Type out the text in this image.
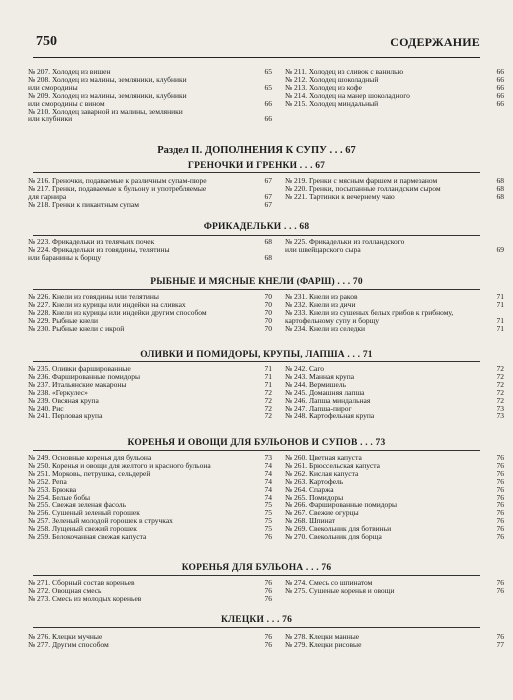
750	СОДЕРЖАНИЕ
№ 207. Холодец из вишен	65
№ 208. Холодец из малины, земляники, клубники
или смородины	65
№ 209. Холодец из малины, земляники, клубники
или смородины с вином	66
№ 210. Холодец заварной из малины, земляники
или клубники	66
№ 211. Холодец из сливок с ванилью	66
№ 212. Холодец шоколадный	66
№ 213. Холодец из кофе	66
№ 214. Холодец на манер шоколадного	66
№ 215. Холодец миндальный	66
Раздел II. ДОПОЛНЕНИЯ К СУПУ . . . 67
ГРЕНОЧКИ И ГРЕНКИ . . . 67
№ 216. Греночки, подаваемые к различным супам-пюре	67
№ 217. Гренки, подаваемые к бульону и употребляемые
для гарнира	67
№ 218. Гренки к пикантным супам	67
№ 219. Гренки с мясным фаршем и пармезаном	68
№ 220. Гренки, посыпанные голландским сыром	68
№ 221. Тартинки к вечернему чаю	68
ФРИКАДЕЛЬКИ . . . 68
№ 223. Фрикадельки из телячьих почек	68
№ 224. Фрикадельки из говядины, телятины
или баранины к борщу	68
№ 225. Фрикадельки из голландского
или швейцарского сыра	69
РЫБНЫЕ И МЯСНЫЕ КНЕЛИ (ФАРШ) . . . 70
№ 226. Кнели из говядины или телятины	70
№ 227. Кнели из курицы или индейки на сливках	70
№ 228. Кнели из курицы или индейки другим способом	70
№ 229. Рыбные кнели	70
№ 230. Рыбные кнели с икрой	70
№ 231. Кнели из раков	71
№ 232. Кнели из дичи	71
№ 233. Кнели из сушеных белых грибов к грибному,
картофельному супу и борщу	71
№ 234. Кнели из селедки	71
ОЛИВКИ И ПОМИДОРЫ, КРУПЫ, ЛАПША . . . 71
№ 235. Оливки фаршированные	71
№ 236. Фаршированные помидоры	71
№ 237. Итальянские макароны	71
№ 238. «Геркулес»	72
№ 239. Овсяная крупа	72
№ 240. Рис	72
№ 241. Перловая крупа	72
№ 242. Саго	72
№ 243. Манная крупа	72
№ 244. Вермишель	72
№ 245. Домашняя лапша	72
№ 246. Лапша миндальная	72
№ 247. Лапша-пирог	73
№ 248. Картофельная крупа	73
КОРЕНЬЯ И ОВОЩИ ДЛЯ БУЛЬОНОВ И СУПОВ . . . 73
№ 249. Основные коренья для бульона	73
№ 250. Коренья и овощи для желтого и красного бульона	74
№ 251. Морковь, петрушка, сельдерей	74
№ 252. Репа	74
№ 253. Брюква	74
№ 254. Белые бобы	74
№ 255. Свежая зеленая фасоль	75
№ 256. Сушеный зеленый горошек	75
№ 257. Зеленый молодой горошек в стручках	75
№ 258. Лущеный свежий горошек	75
№ 259. Белокочанная свежая капуста	76
№ 260. Цветная капуста	76
№ 261. Брюссельская капуста	76
№ 262. Кислая капуста	76
№ 263. Картофель	76
№ 264. Спаржа	76
№ 265. Помидоры	76
№ 266. Фаршированные помидоры	76
№ 267. Свежие огурцы	76
№ 268. Шпинат	76
№ 269. Свекольник для ботвиньи	76
№ 270. Свекольник для борща	76
КОРЕНЬЯ ДЛЯ БУЛЬОНА . . . 76
№ 271. Сборный состав кореньев	76
№ 272. Овощная смесь	76
№ 273. Смесь из молодых кореньев	76
№ 274. Смесь со шпинатом	76
№ 275. Сушеные коренья и овощи	76
КЛЕЦКИ . . . 76
№ 276. Клецки мучные	76
№ 277. Другим способом	76
№ 278. Клецки манные	76
№ 279. Клецки рисовые	77
